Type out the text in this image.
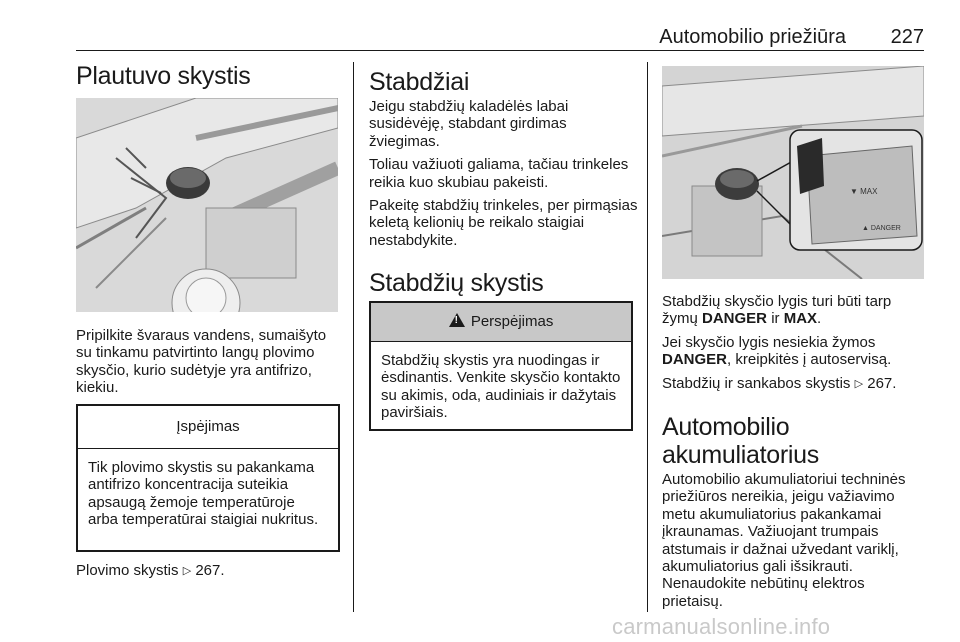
Automobilio priežiūra 227
Plautuvo skystis

Pripilkite švaraus vandens, sumaišyto su tinkamu patvirtinto langų plovimo skysčio, kurio sudėtyje yra antifrizo, kiekiu.

Įspėjimas
Tik plovimo skystis su pakankama antifrizo koncentracija suteikia apsaugą žemoje temperatūroje arba temperatūrai staigiai nukritus.

Plovimo skystis ▷ 267.

Stabdžiai

Jeigu stabdžių kaladėlės labai susidėvėję, stabdant girdimas žviegimas.

Toliau važiuoti galiama, tačiau trinkeles reikia kuo skubiau pakeisti.

Pakeitę stabdžių trinkeles, per pirmąsias keletą kelionių be reikalo staigiai nestabdykite.

Stabdžių skystis
! Perspėjimas
Stabdžių skystis yra nuodingas ir ėsdinantis. Venkite skysčio kontakto su akimis, oda, audiniais ir dažytais paviršiais.
▼ MAX
▲ DANGER

Stabdžių skysčio lygis turi būti tarp žymų DANGER ir MAX.

Jei skysčio lygis nesiekia žymos DANGER, kreipkitės į autoservisą.

Stabdžių ir sankabos skystis ▷ 267.

Automobilio akumuliatorius

Automobilio akumuliatoriui techninės priežiūros nereikia, jeigu važiavimo metu akumuliatorius pakankamai įkraunamas. Važiuojant trumpais atstumais ir dažnai užvedant variklį, akumuliatorius gali išsikrauti. Nenaudokite nebūtinų elektros prietaisų.

carmanualsonline.info
